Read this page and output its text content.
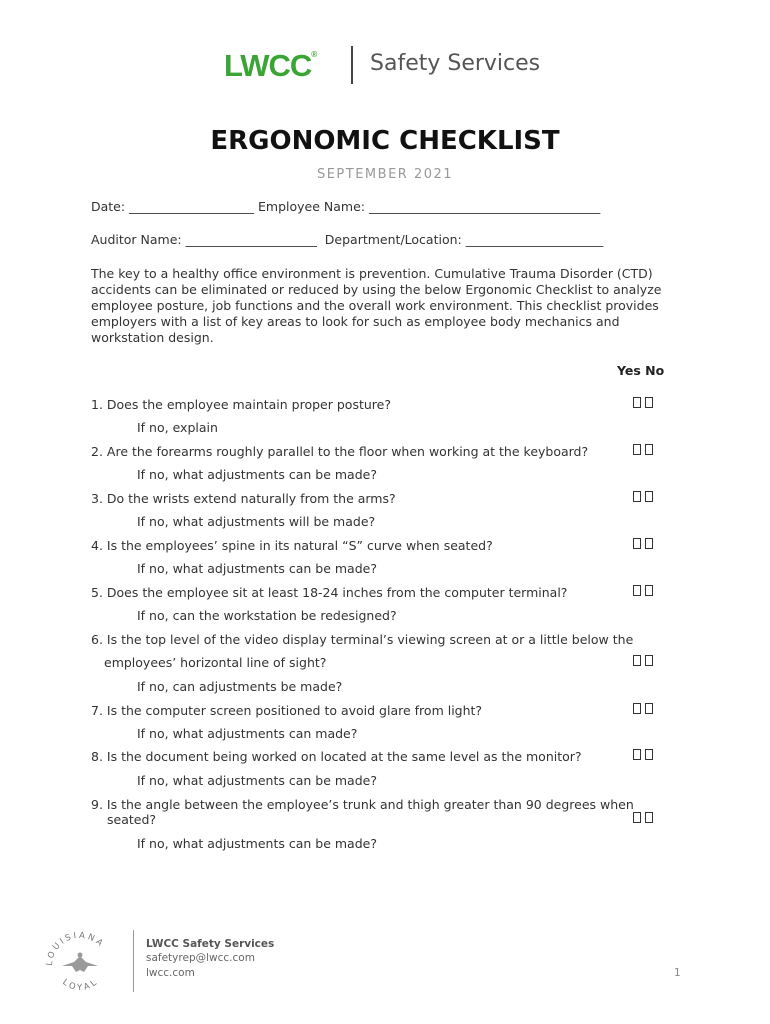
LWCC® Safety Services
ERGONOMIC CHECKLIST
SEPTEMBER 2021
Date: ____________________ Employee Name: _____________________________________
Auditor Name: _____________________  Department/Location: ______________________
The key to a healthy office environment is prevention. Cumulative Trauma Disorder (CTD) accidents can be eliminated or reduced by using the below Ergonomic Checklist to analyze employee posture, job functions and the overall work environment. This checklist provides employers with a list of key areas to look for such as employee body mechanics and workstation design.
Yes No
1. Does the employee maintain proper posture?
If no, explain
2. Are the forearms roughly parallel to the floor when working at the keyboard?
If no, what adjustments can be made?
3. Do the wrists extend naturally from the arms?
If no, what adjustments will be made?
4. Is the employees’ spine in its natural “S” curve when seated?
If no, what adjustments can be made?
5. Does the employee sit at least 18-24 inches from the computer terminal?
If no, can the workstation be redesigned?
6. Is the top level of the video display terminal’s viewing screen at or a little below the
employees’ horizontal line of sight?
If no, can adjustments be made?
7. Is the computer screen positioned to avoid glare from light?
If no, what adjustments can made?
8. Is the document being worked on located at the same level as the monitor?
If no, what adjustments can be made?
9. Is the angle between the employee’s trunk and thigh greater than 90 degrees when
seated?
If no, what adjustments can be made?
LOUISIANA
LOYAL
LWCC Safety Services
safetyrep@lwcc.com
lwcc.com	1
